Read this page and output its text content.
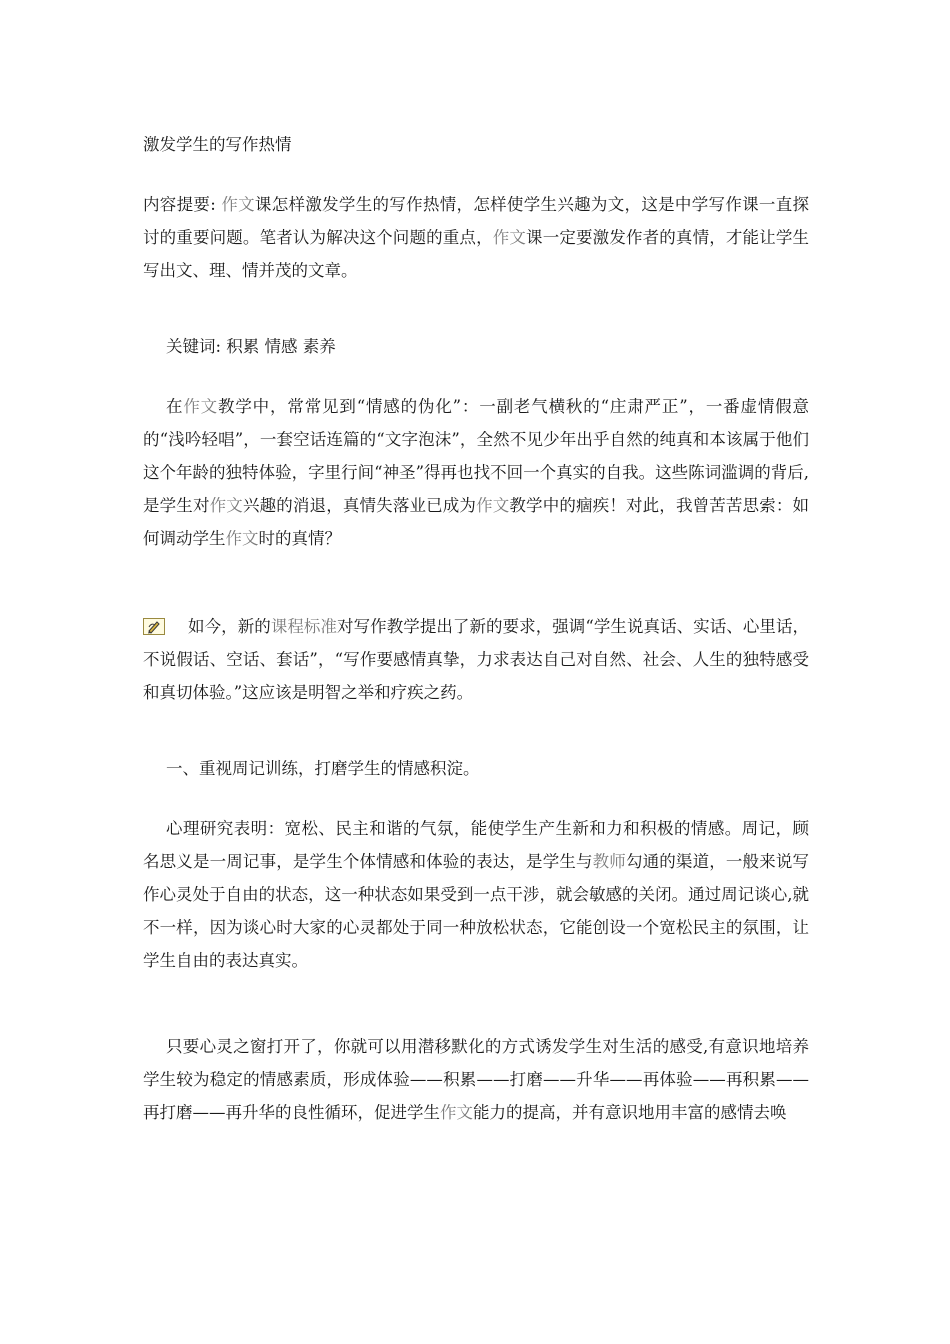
激发学生的写作热情

内容提要: 作文课怎样激发学生的写作热情，怎样使学生兴趣为文，这是中学写作课一直探讨的重要问题。笔者认为解决这个问题的重点，作文课一定要激发作者的真情，才能让学生写出文、理、情并茂的文章。

关键词: 积累 情感 素养

在作文教学中，常常见到“情感的伪化”：一副老气横秋的“庄肃严正”，一番虚情假意的“浅吟轻唱”，一套空话连篇的“文字泡沫”，全然不见少年出乎自然的纯真和本该属于他们这个年龄的独特体验，字里行间“神圣”得再也找不回一个真实的自我。这些陈词滥调的背后,是学生对作文兴趣的消退，真情失落业已成为作文教学中的痼疾！对此，我曾苦苦思索：如何调动学生作文时的真情？

如今，新的课程标准对写作教学提出了新的要求，强调“学生说真话、实话、心里话，不说假话、空话、套话”，“写作要感情真挚，力求表达自己对自然、社会、人生的独特感受和真切体验。”这应该是明智之举和疗疾之药。

一、重视周记训练，打磨学生的情感积淀。

心理研究表明：宽松、民主和谐的气氛，能使学生产生新和力和积极的情感。周记，顾名思义是一周记事，是学生个体情感和体验的表达，是学生与教师勾通的渠道，一般来说写作心灵处于自由的状态，这一种状态如果受到一点干涉，就会敏感的关闭。通过周记谈心,就不一样，因为谈心时大家的心灵都处于同一种放松状态，它能创设一个宽松民主的氛围，让学生自由的表达真实。

只要心灵之窗打开了，你就可以用潜移默化的方式诱发学生对生活的感受,有意识地培养学生较为稳定的情感素质，形成体验——积累——打磨——升华——再体验——再积累——再打磨——再升华的良性循环，促进学生作文能力的提高，并有意识地用丰富的感情去唤
